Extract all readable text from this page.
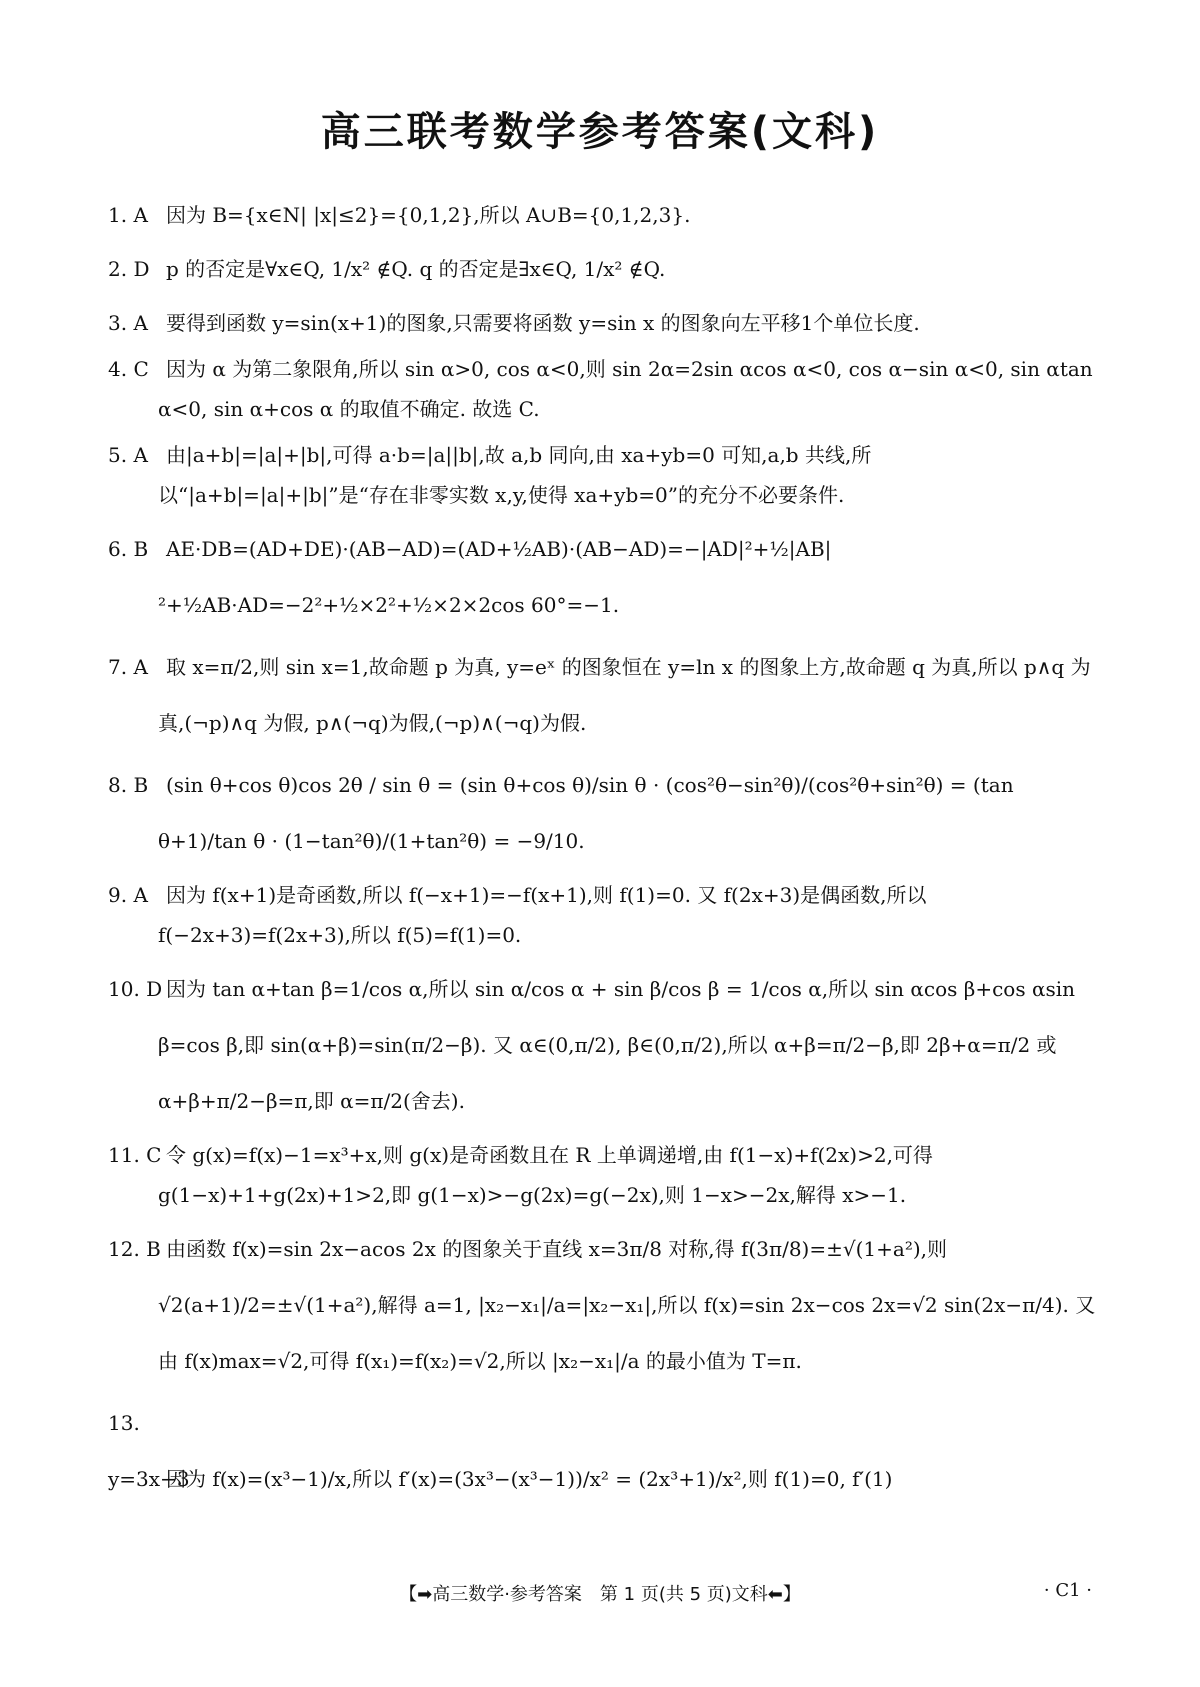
高三联考数学参考答案(文科)
1. A 因为 B={x∈N| |x|≤2}={0,1,2},所以 A∪B={0,1,2,3}.
2. D p 的否定是∀x∈Q, 1/x² ∉Q. q 的否定是∃x∈Q, 1/x² ∉Q.
3. A 要得到函数 y=sin(x+1)的图象,只需要将函数 y=sin x 的图象向左平移1个单位长度.
4. C 因为 α 为第二象限角,所以 sin α>0, cos α<0,则 sin 2α=2sin αcos α<0, cos α−sin α<0, sin αtan α<0, sin α+cos α 的取值不确定. 故选 C.
5. A 由|a+b|=|a|+|b|,可得 a·b=|a||b|,故 a,b 同向,由 xa+yb=0 可知,a,b 共线,所以“|a+b|=|a|+|b|”是“存在非零实数 x,y,使得 xa+yb=0”的充分不必要条件.
6. B AE·DB=(AD+DE)·(AB−AD)=(AD+½AB)·(AB−AD)=−|AD|²+½|AB|²+½AB·AD=−2²+½×2²+½×2×2cos 60°=−1.
7. A 取 x=π/2,则 sin x=1,故命题 p 为真, y=eˣ 的图象恒在 y=ln x 的图象上方,故命题 q 为真,所以 p∧q 为真,(¬p)∧q 为假, p∧(¬q)为假,(¬p)∧(¬q)为假.
8. B (sin θ+cos θ)cos 2θ / sin θ = (sin θ+cos θ)/sin θ · (cos²θ−sin²θ)/(cos²θ+sin²θ) = (tan θ+1)/tan θ · (1−tan²θ)/(1+tan²θ) = −9/10.
9. A 因为 f(x+1)是奇函数,所以 f(−x+1)=−f(x+1),则 f(1)=0. 又 f(2x+3)是偶函数,所以 f(−2x+3)=f(2x+3),所以 f(5)=f(1)=0.
10. D 因为 tan α+tan β=1/cos α,所以 sin α/cos α + sin β/cos β = 1/cos α,所以 sin αcos β+cos αsin β=cos β,即 sin(α+β)=sin(π/2−β). 又 α∈(0,π/2), β∈(0,π/2),所以 α+β=π/2−β,即 2β+α=π/2 或 α+β+π/2−β=π,即 α=π/2(舍去).
11. C 令 g(x)=f(x)−1=x³+x,则 g(x)是奇函数且在 R 上单调递增,由 f(1−x)+f(2x)>2,可得 g(1−x)+1+g(2x)+1>2,即 g(1−x)>−g(2x)=g(−2x),则 1−x>−2x,解得 x>−1.
12. B 由函数 f(x)=sin 2x−acos 2x 的图象关于直线 x=3π/8 对称,得 f(3π/8)=±√(1+a²),则 √2(a+1)/2=±√(1+a²),解得 a=1, |x₂−x₁|/a=|x₂−x₁|,所以 f(x)=sin 2x−cos 2x=√2 sin(2x−π/4). 又由 f(x)max=√2,可得 f(x₁)=f(x₂)=√2,所以 |x₂−x₁|/a 的最小值为 T=π.
13. y=3x−3因为 f(x)=(x³−1)/x,所以 f′(x)=(3x³−(x³−1))/x² = (2x³+1)/x²,则 f(1)=0, f′(1)
【➡高三数学·参考答案　第 1 页(共 5 页)文科⬅】	· C1 ·
